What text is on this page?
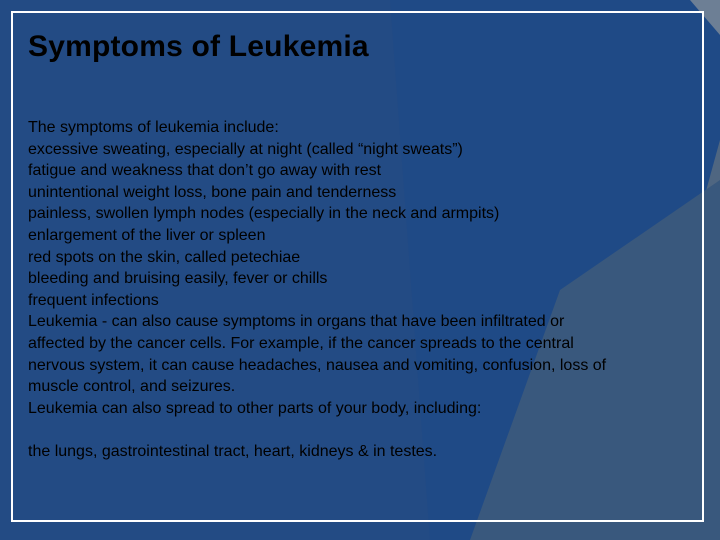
Symptoms of Leukemia
The symptoms of leukemia include:
excessive sweating, especially at night (called “night sweats”)
fatigue and weakness that don’t go away with rest
unintentional weight loss, bone pain and tenderness
painless, swollen lymph nodes (especially in the neck and armpits)
enlargement of the liver or spleen
red spots on the skin, called petechiae
bleeding and bruising easily, fever or chills
frequent infections
Leukemia - can also cause symptoms in organs that have been infiltrated or
affected by the cancer cells. For example, if the cancer spreads to the central
nervous system, it can cause headaches, nausea and vomiting, confusion, loss of
muscle control, and seizures.
Leukemia can also spread to other parts of your body, including:
the lungs, gastrointestinal tract, heart, kidneys & in testes.
